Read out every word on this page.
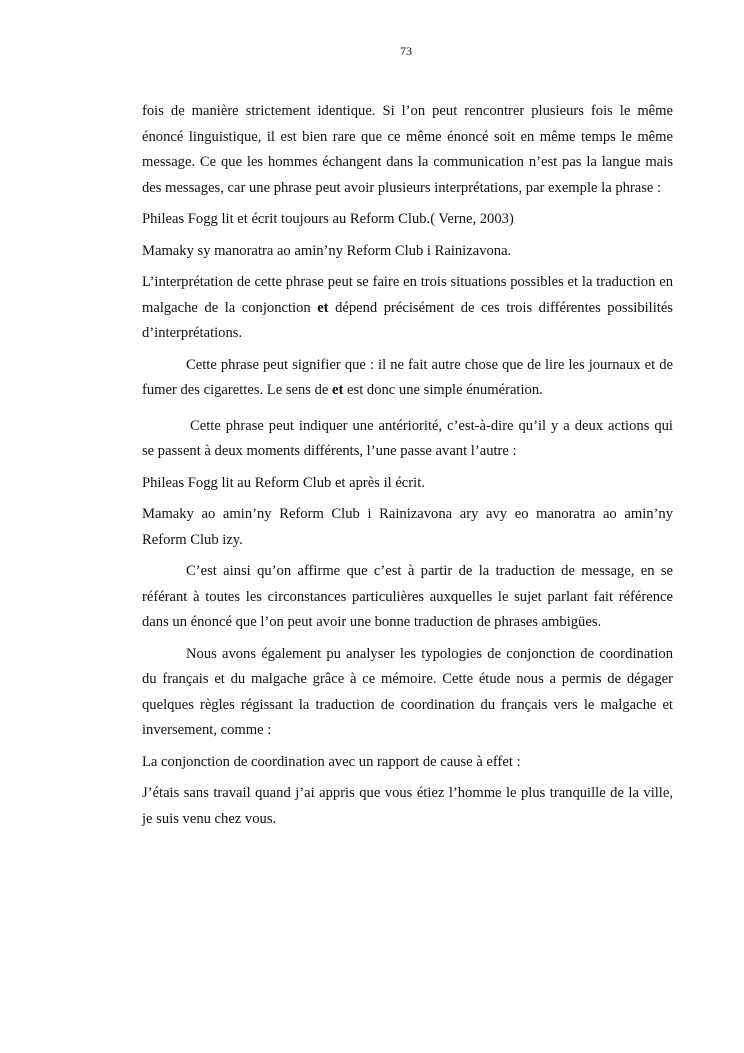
73

fois de manière strictement identique. Si l’on peut rencontrer plusieurs fois le même énoncé linguistique, il est bien rare que ce même énoncé soit en même temps le même message. Ce que les hommes échangent dans la communication n’est pas la langue mais des messages, car une phrase peut avoir plusieurs interprétations, par exemple la phrase :

Phileas Fogg lit et écrit toujours au Reform Club.( Verne, 2003)

Mamaky sy manoratra ao amin’ny Reform Club i Rainizavona.

L’interprétation de cette phrase peut se faire en trois situations possibles et la traduction en malgache de la conjonction et dépend précisément de ces trois différentes possibilités d’interprétations.

Cette phrase peut signifier que : il ne fait autre chose que de lire les journaux et de fumer des cigarettes. Le sens de et est donc une simple énumération.

Cette phrase peut indiquer une antériorité, c’est-à-dire qu’il y a deux actions qui se passent à deux moments différents, l’une passe avant l’autre :

Phileas Fogg lit au Reform Club et après il écrit.

Mamaky ao amin’ny Reform Club i Rainizavona ary avy eo manoratra ao amin’ny Reform Club izy.

C’est ainsi qu’on affirme que c’est à partir de la traduction de message, en se référant à toutes les circonstances particulières auxquelles le sujet parlant fait référence dans un énoncé que l’on peut avoir une bonne traduction de phrases ambigües.

Nous avons également pu analyser les typologies de conjonction de coordination du français et du malgache grâce à ce mémoire. Cette étude nous a permis de dégager quelques règles régissant la traduction de coordination du français vers le malgache et inversement, comme :

La conjonction de coordination avec un rapport de cause à effet :

J’étais sans travail quand j’ai appris que vous étiez l’homme le plus tranquille de la ville, je suis venu chez vous.
